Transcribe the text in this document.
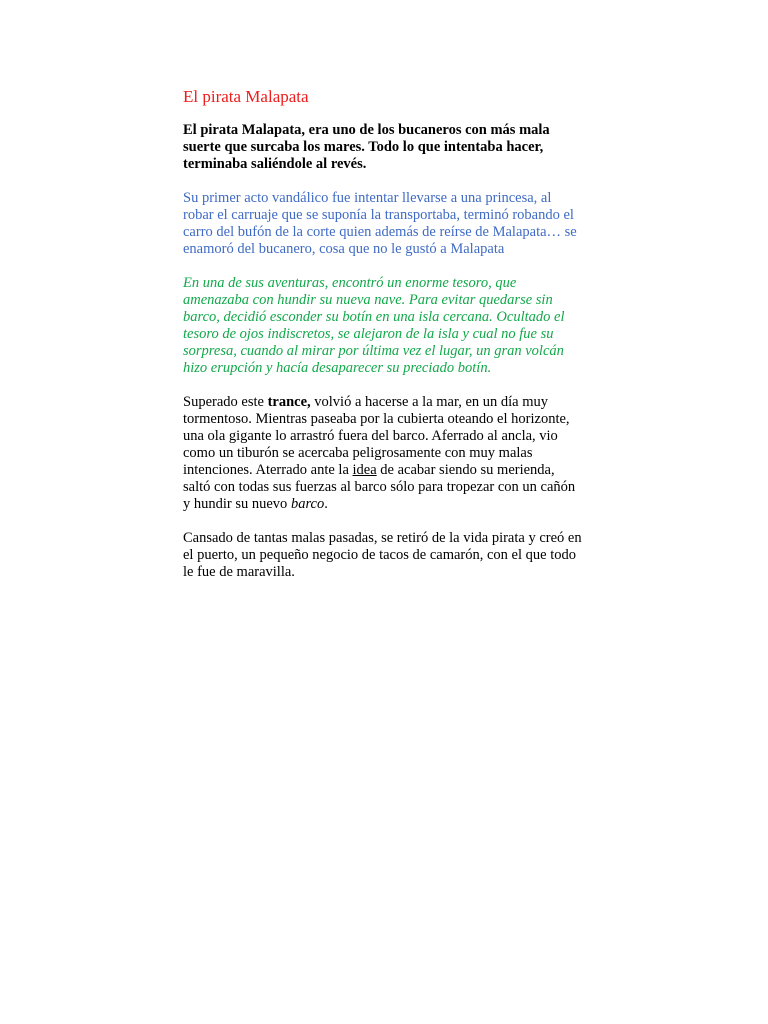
El pirata Malapata

El pirata Malapata, era uno de los bucaneros con más mala suerte que surcaba los mares. Todo lo que intentaba hacer, terminaba saliéndole al revés.

Su primer acto vandálico fue intentar llevarse a una princesa, al robar el carruaje que se suponía la transportaba, terminó robando el carro del bufón de la corte quien además de reírse de Malapata… se enamoró del bucanero, cosa que no le gustó a Malapata

En una de sus aventuras, encontró un enorme tesoro, que amenazaba con hundir su nueva nave. Para evitar quedarse sin barco, decidió esconder su botín en una isla cercana. Ocultado el tesoro de ojos indiscretos, se alejaron de la isla y cual no fue su sorpresa, cuando al mirar por última vez el lugar, un gran volcán hizo erupción y hacía desaparecer su preciado botín.

Superado este trance, volvió a hacerse a la mar, en un día muy tormentoso. Mientras paseaba por la cubierta oteando el horizonte, una ola gigante lo arrastró fuera del barco. Aferrado al ancla, vio como un tiburón se acercaba peligrosamente con muy malas intenciones. Aterrado ante la idea de acabar siendo su merienda, saltó con todas sus fuerzas al barco sólo para tropezar con un cañón y hundir su nuevo barco.

Cansado de tantas malas pasadas, se retiró de la vida pirata y creó en el puerto, un pequeño negocio de tacos de camarón, con el que todo le fue de maravilla.
